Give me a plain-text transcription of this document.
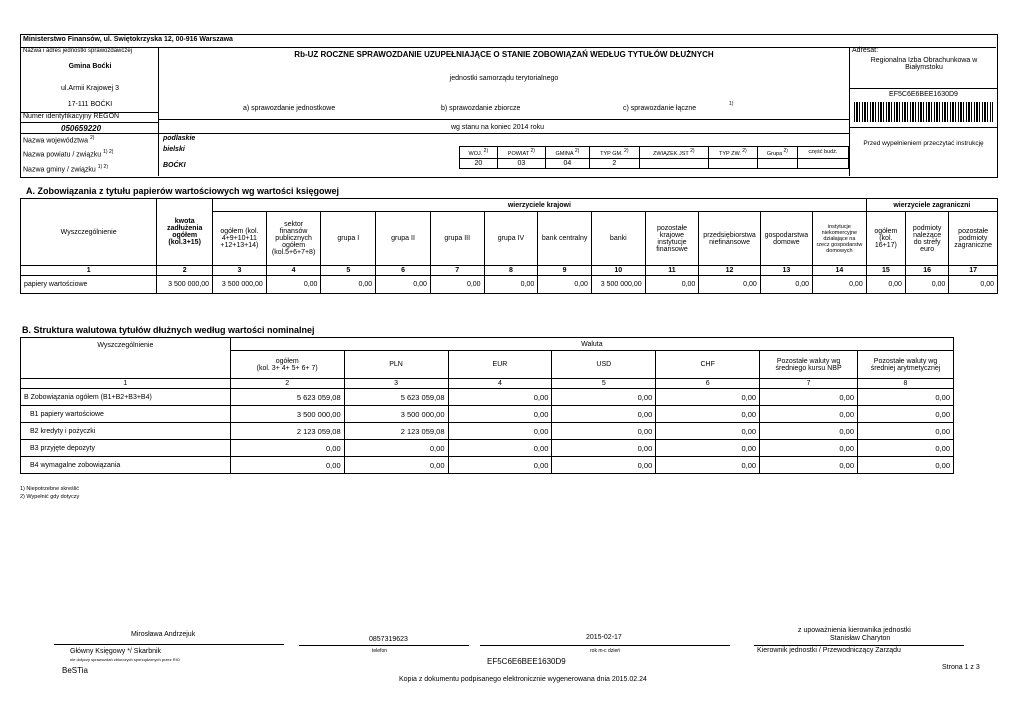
Ministerstwo Finansów, ul. Świętokrzyska 12, 00-916 Warszawa
Nazwa i adres jednostki sprawozdawczej
Gmina Boćki
ul.Armii Krajowej 3
17-111 BOĆKI
Numer identyfikacyjny REGON
050659220
Rb-UZ ROCZNE SPRAWOZDANIE UZUPEŁNIAJĄCE O STANIE ZOBOWIĄZAŃ WEDŁUG TYTUŁÓW DŁUŻNYCH
jednostki samorządu terytorialnego
a) sprawozdanie jednostkowe	b) sprawozdanie zbiorcze	c) sprawozdanie łączne
1)
wg stanu na koniec 2014 roku
Adresat:
Regionalna Izba Obrachunkowa w Białymstoku
EF5C6E6BEE1630D9
Przed wypełnieniem przeczytać instrukcję
Nazwa województwa $^{2)}$
Nazwa powiatu / związku $^{1) 2)}$
Nazwa gminy / związku $^{1) 2)}$
podlaskie
bielski
BOĆKI
WOJ. 2)	POWIAT 2)	GMINA 2)	TYP GM. 2)	ZWIĄZEK JST 2)	TYP ZW. 2)	Grupa 2)	część budż.
20	03	04	2				
A. Zobowiązania z tytułu papierów wartościowych wg wartości księgowej
Wyszczególnienie	kwota zadłużenia ogółem (kol.3+15)	wierzyciele krajowi												wierzyciele zagraniczni		
		ogółem (kol. 4+9+10+11 +12+13+14)	sektor finansów publicznych ogółem (kol.5+6+7+8)	grupa I	grupa II	grupa III	grupa IV	bank centralny	banki	pozostałe krajowe instytucje finansowe	przedsiębiorstwa niefinansowe	gospodarstwa domowe	instytucje niekomercyjne działające na rzecz gospodarstw domowych	ogółem (kol. 16+17)	podmioty należące do strefy euro	pozostałe podmioty zagraniczne
1	2	3	4	5	6	7	8	9	10	11	12	13	14	15	16	17
papiery wartościowe	3 500 000,00	3 500 000,00	0,00	0,00	0,00	0,00	0,00	0,00	3 500 000,00	0,00	0,00	0,00	0,00	0,00	0,00	0,00
B. Struktura walutowa tytułów dłużnych według wartości nominalnej
Wyszczególnienie	Waluta						
	ogółem
(kol. 3+ 4+ 5+ 6+ 7)	PLN	EUR	USD	CHF	Pozostałe waluty wg średniego kursu NBP	Pozostałe waluty wg średniej arytmetycznej
1	2	3	4	5	6	7	8
B Zobowiązania ogółem (B1+B2+B3+B4)	5 623 059,08	5 623 059,08	0,00	0,00	0,00	0,00	0,00
B1 papiery wartościowe	3 500 000,00	3 500 000,00	0,00	0,00	0,00	0,00	0,00
B2 kredyty i pożyczki	2 123 059,08	2 123 059,08	0,00	0,00	0,00	0,00	0,00
B3 przyjęte depozyty	0,00	0,00	0,00	0,00	0,00	0,00	0,00
B4 wymagalne zobowiązania	0,00	0,00	0,00	0,00	0,00	0,00	0,00
1) Niepotrzebne skreślić
2) Wypełnić gdy dotyczy
Mirosława Andrzejuk
Główny Księgowy */ Skarbnik
nie dotyczy sprawozdań zbiorczych sporządzonych przez RIO
BeSTia
0857319623
telefon
2015-02-17
rok m-c dzień
z upoważnienia kierownika jednostki
Stanisław Charyton
Kierownik jednostki / Przewodniczący Zarządu
EF5C6E6BEE1630D9
Strona 1 z 3
Kopia z dokumentu podpisanego elektronicznie wygenerowana dnia 2015.02.24
